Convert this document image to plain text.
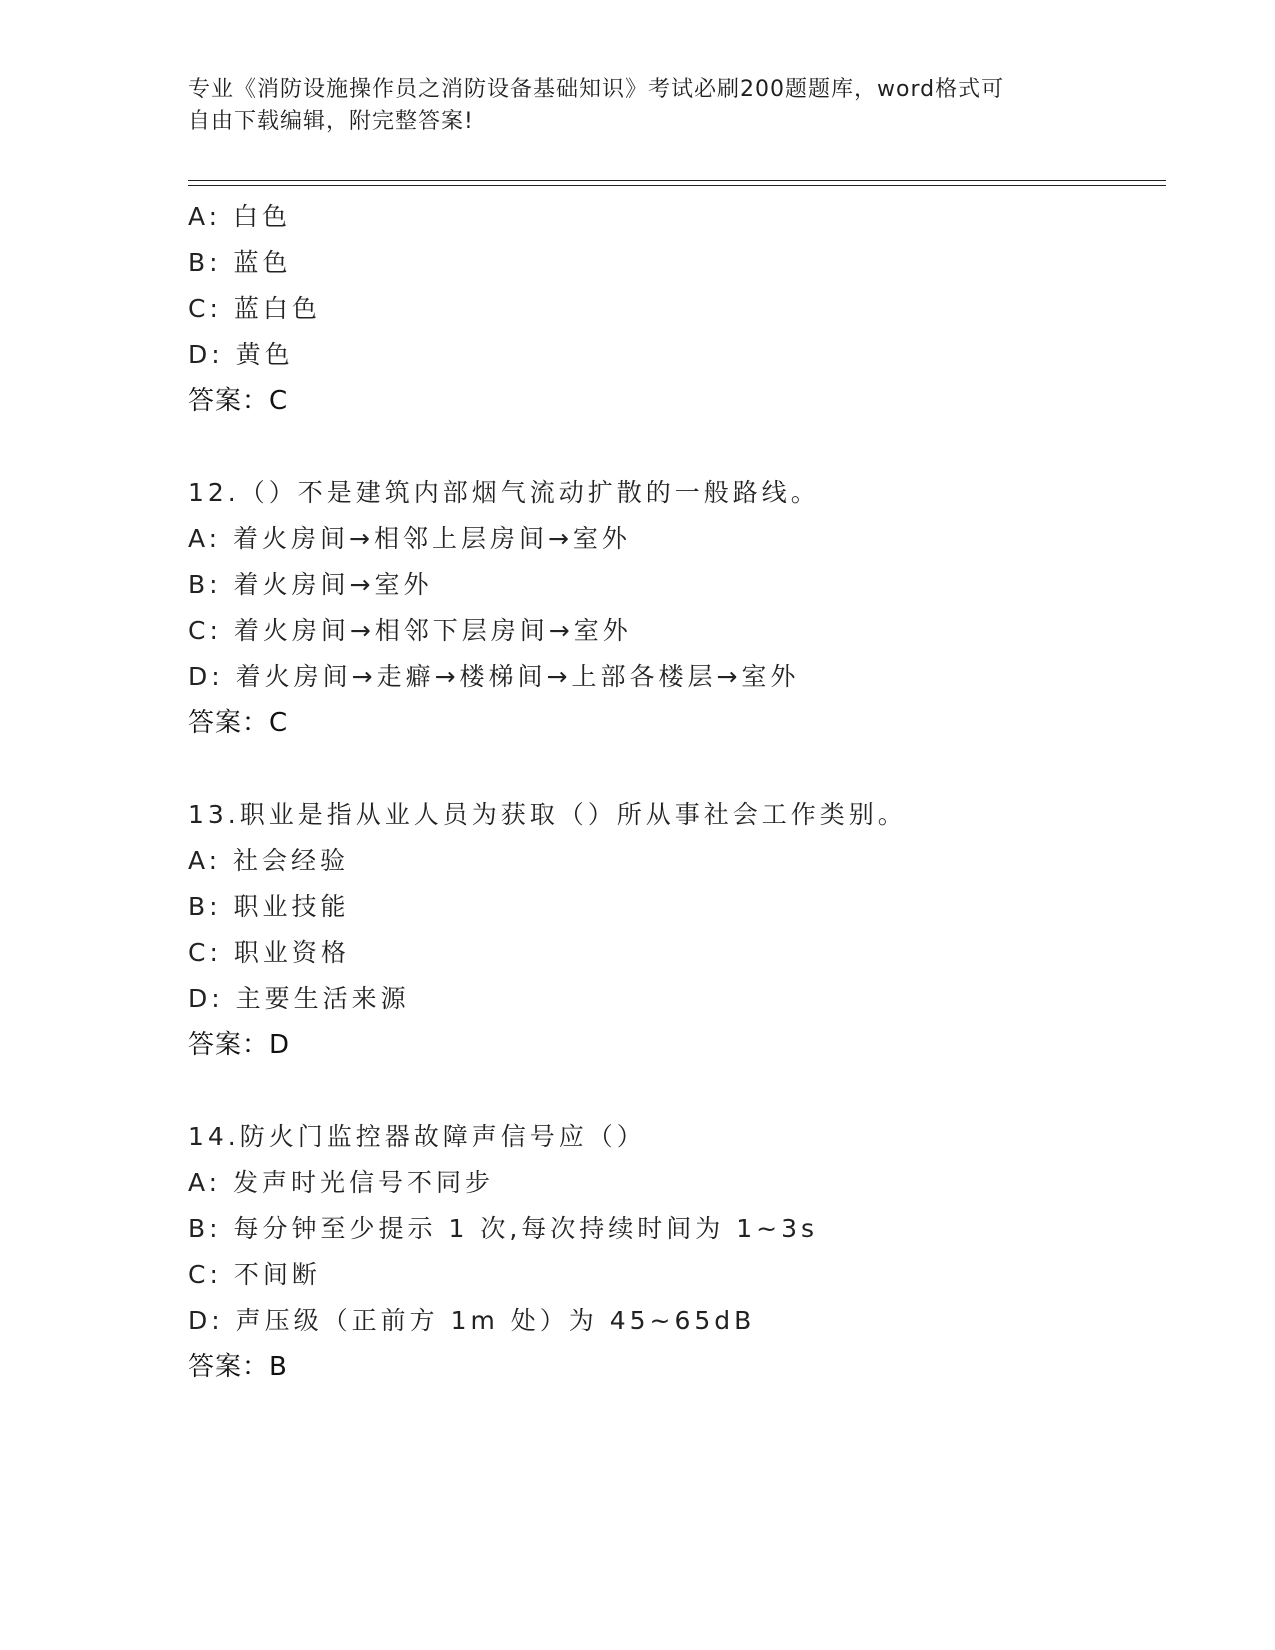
专业《消防设施操作员之消防设备基础知识》考试必刷200题题库，word格式可
自由下载编辑，附完整答案!
A: 白色
B: 蓝色
C: 蓝白色
D: 黄色
答案：C
12.（）不是建筑内部烟气流动扩散的一般路线。
A: 着火房间→相邻上层房间→室外
B: 着火房间→室外
C: 着火房间→相邻下层房间→室外
D: 着火房间→走癖→楼梯间→上部各楼层→室外
答案：C
13.职业是指从业人员为获取（）所从事社会工作类别。
A: 社会经验
B: 职业技能
C: 职业资格
D: 主要生活来源
答案：D
14.防火门监控器故障声信号应（）
A: 发声时光信号不同步
B: 每分钟至少提示 1 次,每次持续时间为 1~3s
C: 不间断
D: 声压级（正前方 1m 处）为 45~65dB
答案：B
